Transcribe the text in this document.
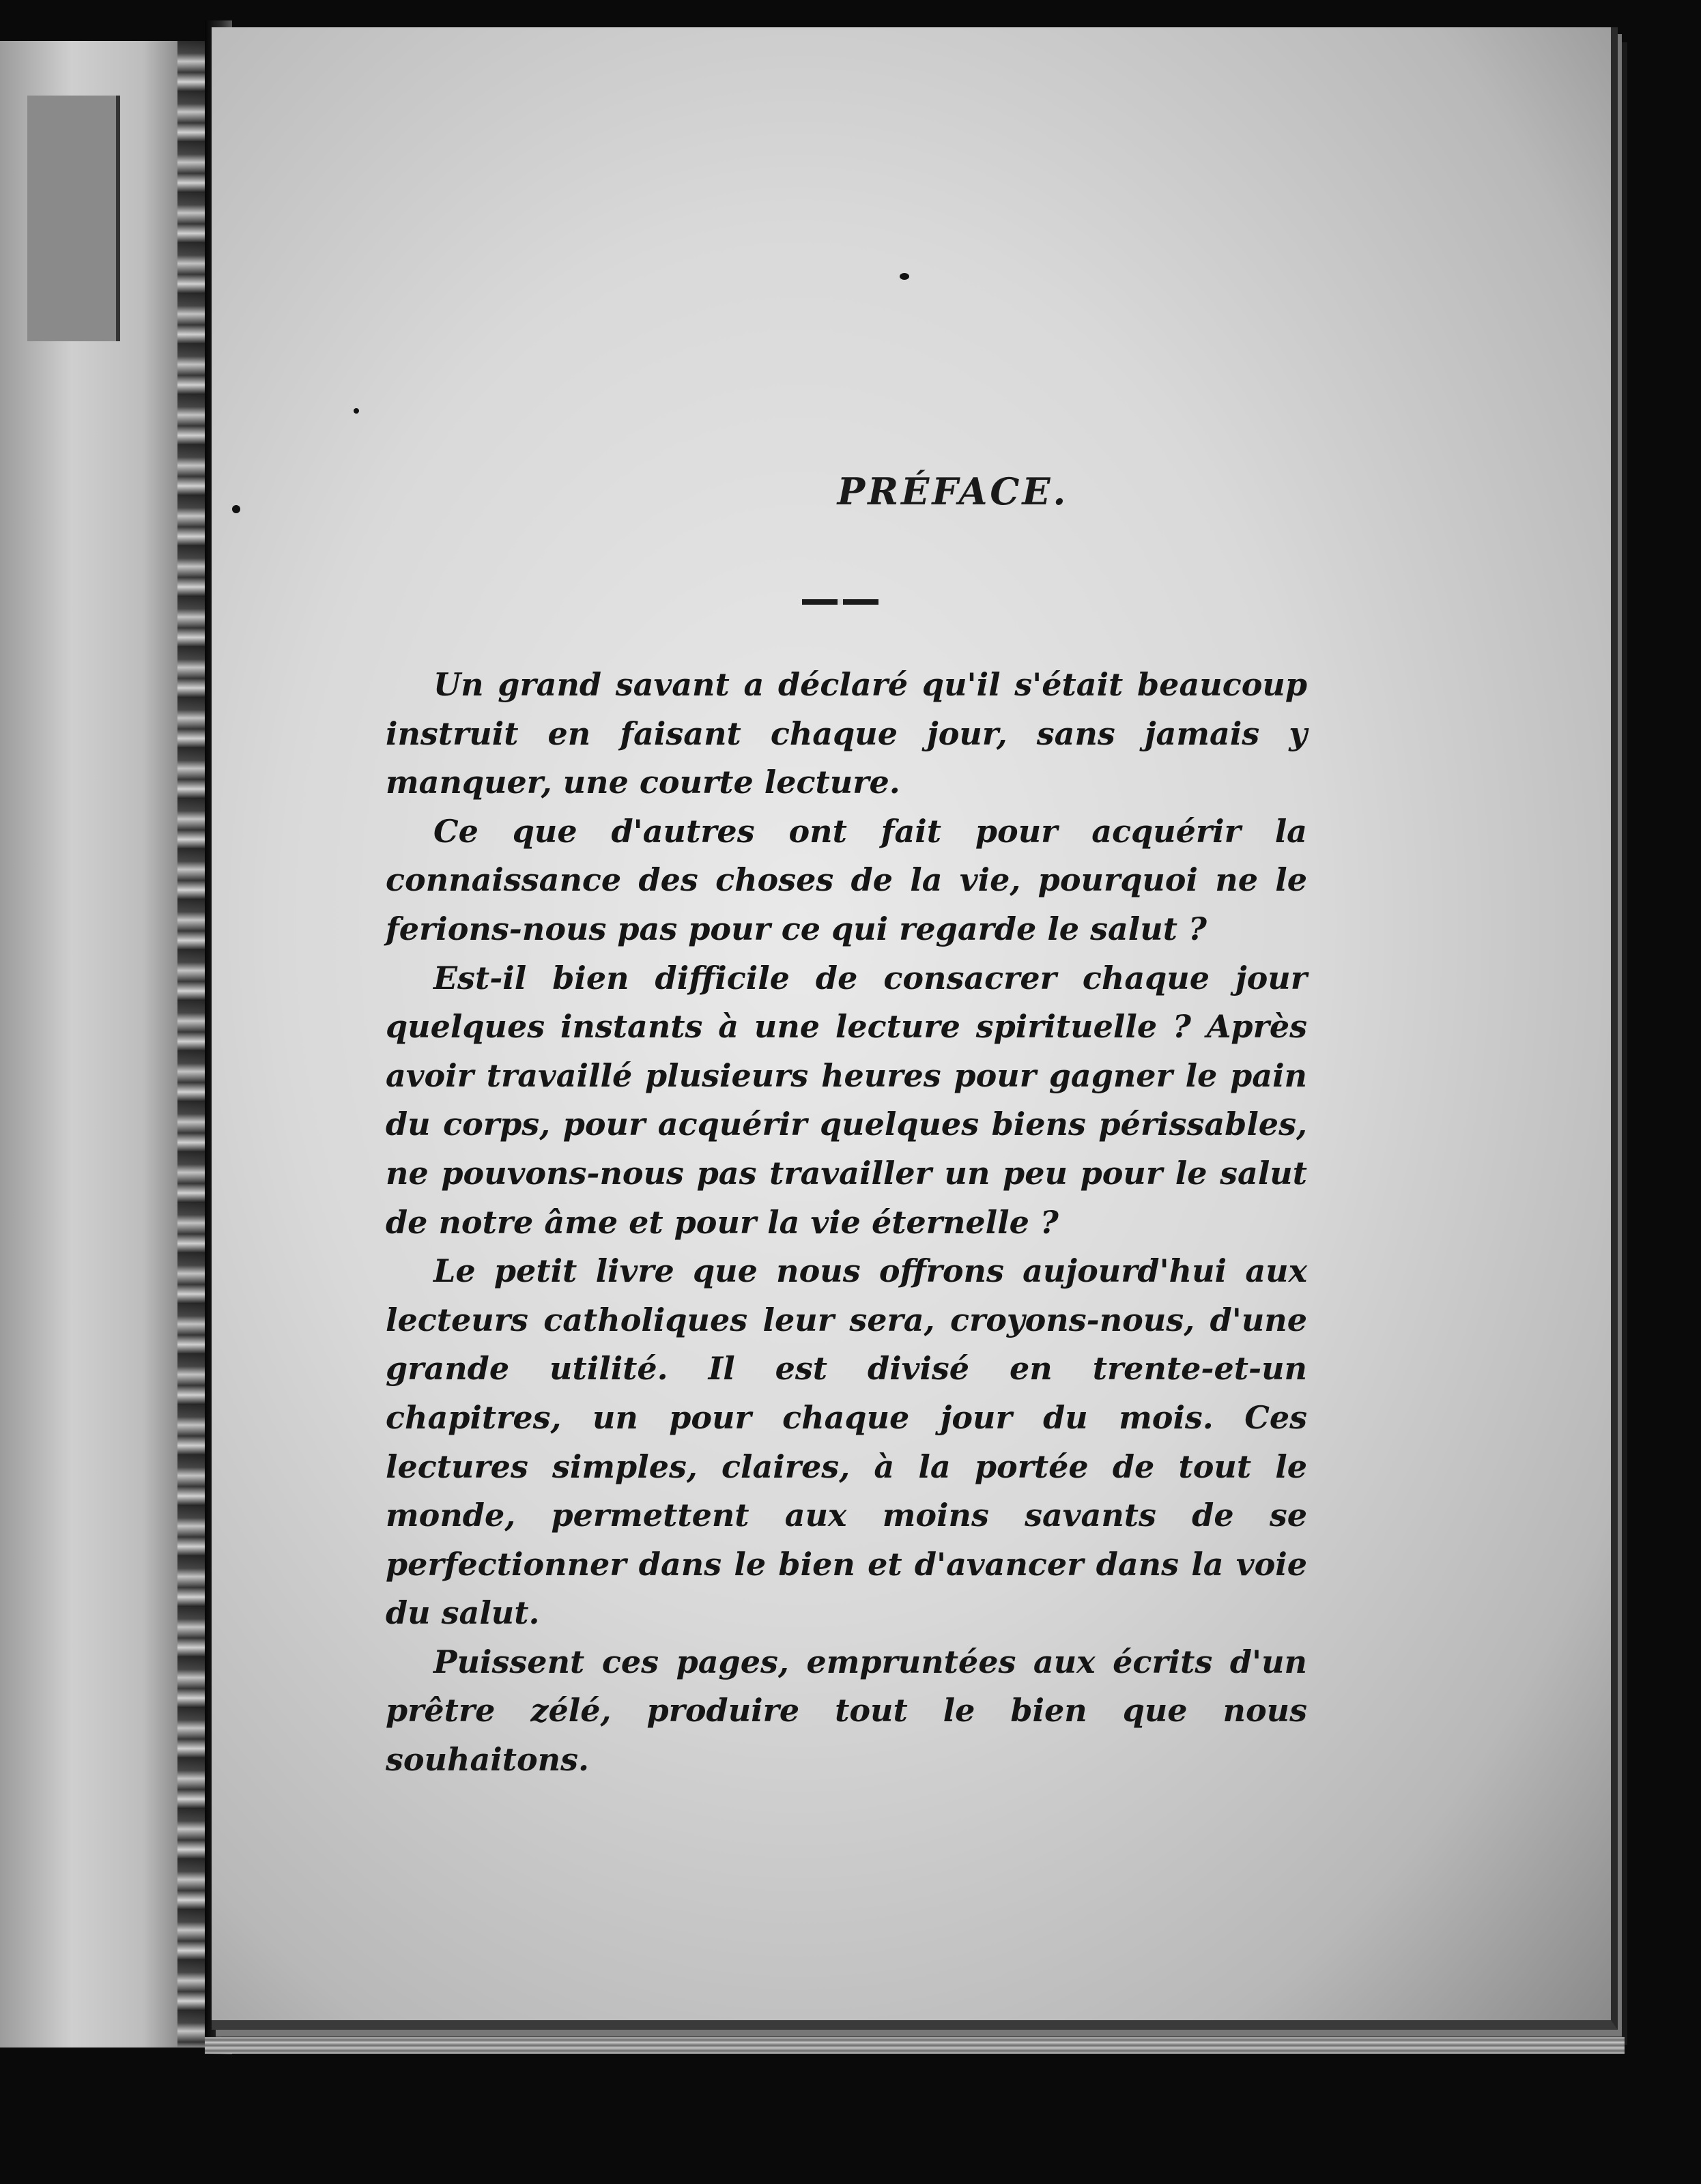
PRÉFACE.

Un grand savant a déclaré qu'il s'était beaucoup instruit en faisant chaque jour, sans jamais y manquer, une courte lecture.

Ce que d'autres ont fait pour acquérir la connaissance des choses de la vie, pourquoi ne le ferions-nous pas pour ce qui regarde le salut ?

Est-il bien difficile de consacrer chaque jour quelques instants à une lecture spirituelle ? Après avoir travaillé plusieurs heures pour gagner le pain du corps, pour acquérir quelques biens périssables, ne pouvons-nous pas travailler un peu pour le salut de notre âme et pour la vie éternelle ?

Le petit livre que nous offrons aujourd'hui aux lecteurs catholiques leur sera, croyons-nous, d'une grande utilité. Il est divisé en trente-et-un chapitres, un pour chaque jour du mois. Ces lectures simples, claires, à la portée de tout le monde, permettent aux moins savants de se perfectionner dans le bien et d'avancer dans la voie du salut.

Puissent ces pages, empruntées aux écrits d'un prêtre zélé, produire tout le bien que nous souhaitons.
